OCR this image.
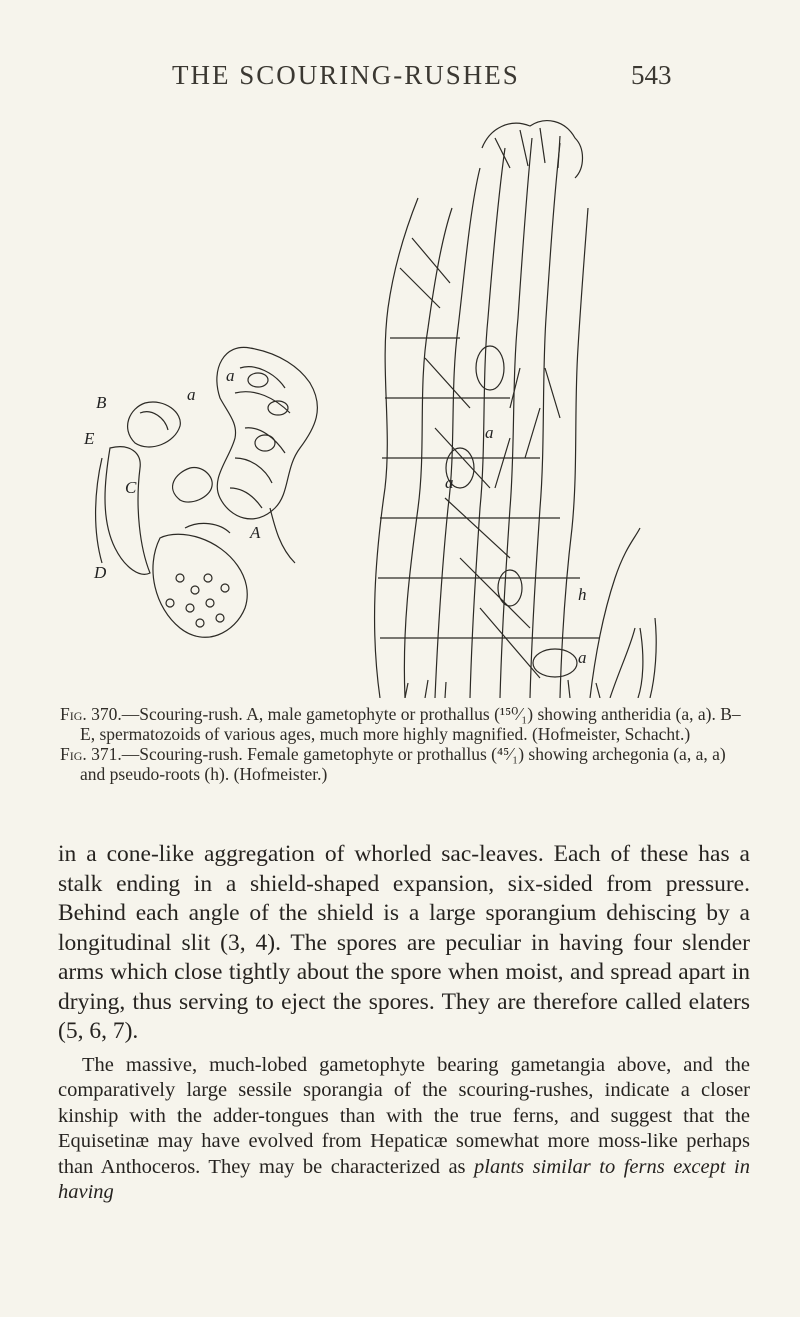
THE SCOURING-RUSHES	543
B
E
a
a
C
D
A
a
a
a
h

Fig. 370.—Scouring-rush. A, male gametophyte or prothallus (¹⁵⁰⁄₁) showing antheridia (a, a). B–E, spermatozoids of various ages, much more highly magnified. (Hofmeister, Schacht.)

Fig. 371.—Scouring-rush. Female gametophyte or prothallus (⁴⁵⁄₁) showing archegonia (a, a, a) and pseudo-roots (h). (Hofmeister.)

in a cone-like aggregation of whorled sac-leaves. Each of these has a stalk ending in a shield-shaped expansion, six-sided from pressure. Behind each angle of the shield is a large sporangium dehiscing by a longitudinal slit (3, 4). The spores are peculiar in having four slender arms which close tightly about the spore when moist, and spread apart in drying, thus serving to eject the spores. They are therefore called elaters (5, 6, 7).

The massive, much-lobed gametophyte bearing gametangia above, and the comparatively large sessile sporangia of the scouring-rushes, indicate a closer kinship with the adder-tongues than with the true ferns, and suggest that the Equisetinæ may have evolved from Hepaticæ somewhat more moss-like perhaps than Anthoceros. They may be characterized as plants similar to ferns except in having
